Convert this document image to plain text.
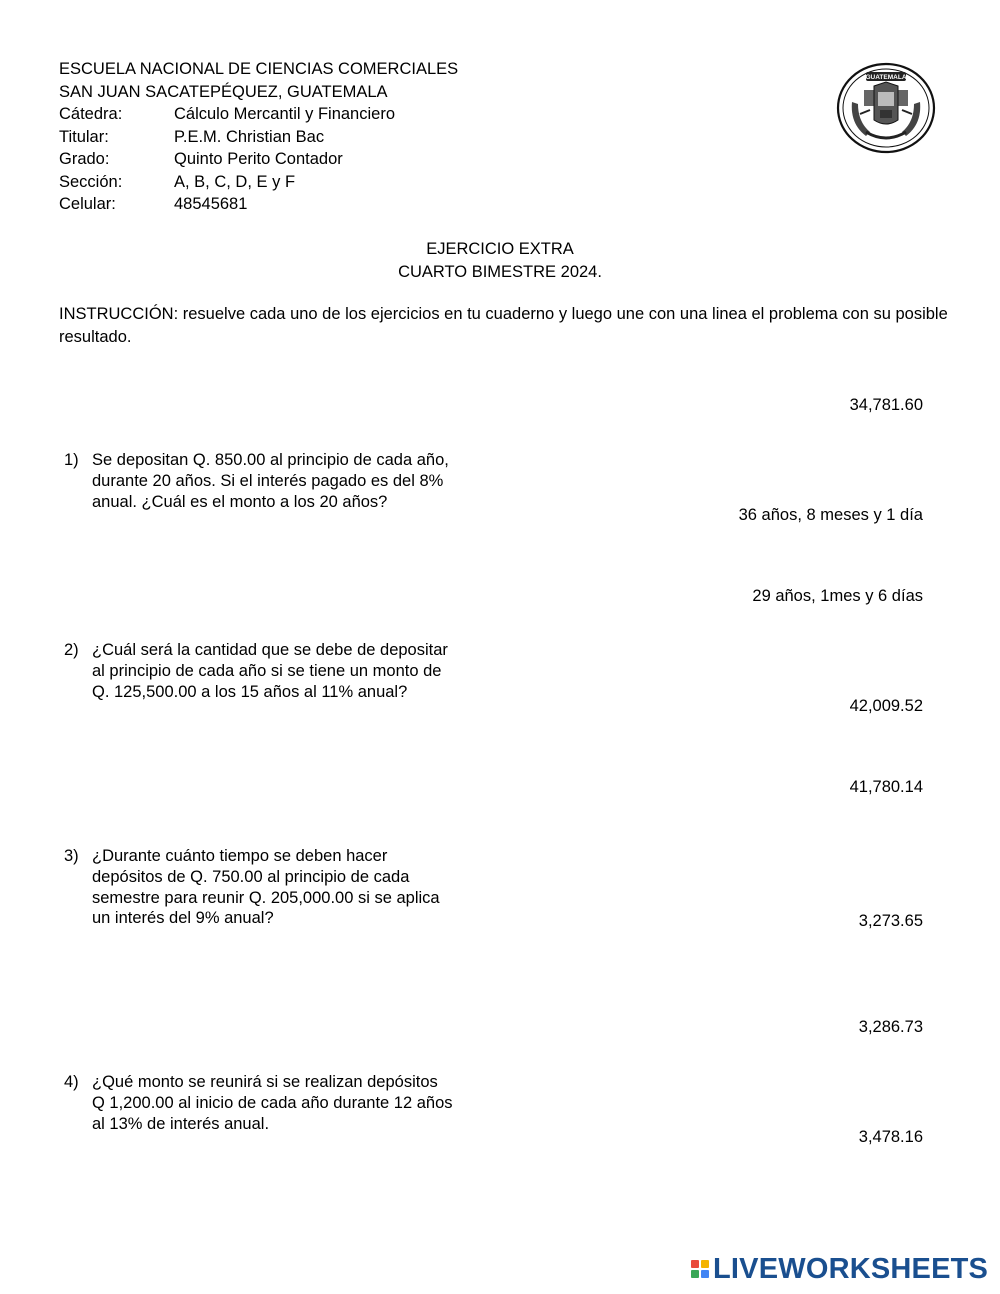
ESCUELA NACIONAL DE CIENCIAS COMERCIALES
SAN JUAN SACATEPÉQUEZ, GUATEMALA
Cátedra:	Cálculo Mercantil y Financiero
Titular:	P.E.M. Christian Bac
Grado:	Quinto Perito Contador
Sección:	A, B, C, D, E y F
Celular:	48545681
GUATEMALA
EJERCICIO EXTRA
CUARTO BIMESTRE 2024.
INSTRUCCIÓN: resuelve cada uno de los ejercicios en tu cuaderno y luego une con una linea el problema con su posible resultado.
1) Se depositan Q. 850.00 al principio de cada año,
durante 20 años. Si el interés pagado es del 8%
anual. ¿Cuál es el monto a los 20 años?
2) ¿Cuál será la cantidad que se debe de depositar
al principio de cada año si se tiene un monto de
Q. 125,500.00 a los 15 años al 11% anual?
3) ¿Durante cuánto tiempo se deben hacer
depósitos de Q. 750.00 al principio de cada
semestre para reunir Q. 205,000.00 si se aplica
un interés del 9% anual?
4) ¿Qué monto se reunirá si se realizan depósitos
Q 1,200.00 al inicio de cada año durante 12 años
al 13% de interés anual.
34,781.60
36 años, 8 meses y 1 día
29 años, 1mes y 6 días
42,009.52
41,780.14
3,273.65
3,286.73
3,478.16
LIVEWORKSHEETS
